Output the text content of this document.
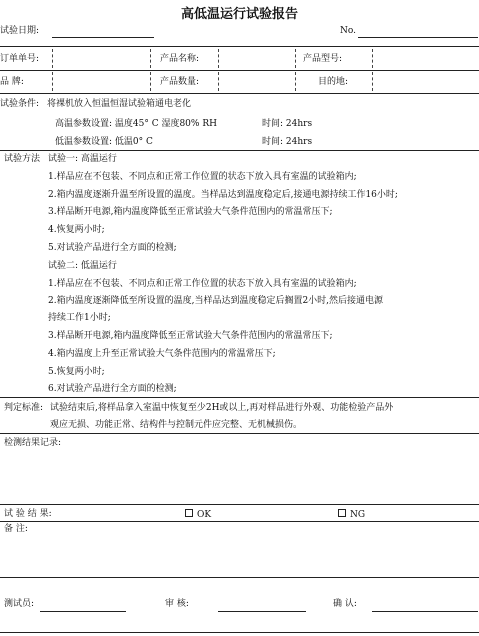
高低温运行试验报告
试验日期:	No.
订单单号:	产品名称:	产品型号:
品 牌:	产品数量:	目的地:
试验条件: 将裸机放入恒温恒湿试验箱通电老化
高温参数设置: 温度45° C 湿度80% RH	时间: 24hrs
低温参数设置: 低温0° C	时间: 24hrs
试验方法 试验一: 高温运行
1.样品应在不包装、不同点和正常工作位置的状态下放入具有室温的试验箱内;
2.箱内温度逐渐升温至所设置的温度。当样品达到温度稳定后,接通电源持续工作16小时;
3.样品断开电源,箱内温度降低至正常试验大气条件范围内的常温常压下;
4.恢复两小时;
5.对试验产品进行全方面的检测;
试验二: 低温运行
1.样品应在不包装、不同点和正常工作位置的状态下放入具有室温的试验箱内;
2.箱内温度逐渐降低至所设置的温度,当样品达到温度稳定后搁置2小时,然后接通电源
持续工作1小时;
3.样品断开电源,箱内温度降低至正常试验大气条件范围内的常温常压下;
4.箱内温度上升至正常试验大气条件范围内的常温常压下;
5.恢复两小时;
6.对试验产品进行全方面的检测;
判定标准: 试验结束后,将样品拿入室温中恢复至少2H或以上,再对样品进行外观、功能检验产品外
观应无损、功能正常、结构件与控制元件应完整、无机械损伤。
检测结果记录:
试 验 结 果:	OK	NG
备 注:
测试员:	审 核:	确 认:
